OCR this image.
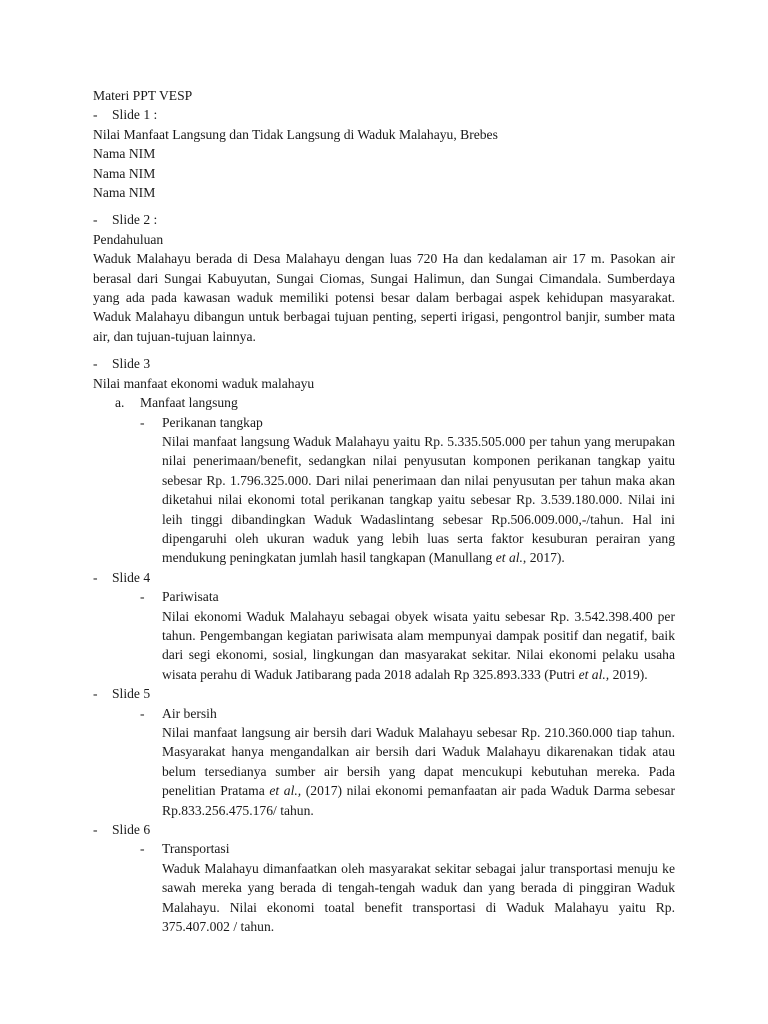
Materi PPT VESP
- Slide 1 :
Nilai Manfaat Langsung dan Tidak Langsung di Waduk Malahayu, Brebes
Nama NIM
Nama NIM
Nama NIM
- Slide 2 :
Pendahuluan
Waduk Malahayu berada di Desa Malahayu dengan luas 720 Ha dan kedalaman air 17 m. Pasokan air berasal dari Sungai Kabuyutan, Sungai Ciomas, Sungai Halimun, dan Sungai Cimandala. Sumberdaya yang ada pada kawasan waduk memiliki potensi besar dalam berbagai aspek kehidupan masyarakat. Waduk Malahayu dibangun untuk berbagai tujuan penting, seperti irigasi, pengontrol banjir, sumber mata air, dan tujuan-tujuan lainnya.
- Slide 3
Nilai manfaat ekonomi waduk malahayu
a. Manfaat langsung
- Perikanan tangkap
Nilai manfaat langsung Waduk Malahayu yaitu Rp. 5.335.505.000 per tahun yang merupakan nilai penerimaan/benefit, sedangkan nilai penyusutan komponen perikanan tangkap yaitu sebesar Rp. 1.796.325.000. Dari nilai penerimaan dan nilai penyusutan per tahun maka akan diketahui nilai ekonomi total perikanan tangkap yaitu sebesar Rp. 3.539.180.000. Nilai ini leih tinggi dibandingkan Waduk Wadaslintang sebesar Rp.506.009.000,-/tahun. Hal ini dipengaruhi oleh ukuran waduk yang lebih luas serta faktor kesuburan perairan yang mendukung peningkatan jumlah hasil tangkapan (Manullang et al., 2017).
- Slide 4
- Pariwisata
Nilai ekonomi Waduk Malahayu sebagai obyek wisata yaitu sebesar Rp. 3.542.398.400 per tahun. Pengembangan kegiatan pariwisata alam mempunyai dampak positif dan negatif, baik dari segi ekonomi, sosial, lingkungan dan masyarakat sekitar. Nilai ekonomi pelaku usaha wisata perahu di Waduk Jatibarang pada 2018 adalah Rp 325.893.333 (Putri et al., 2019).
- Slide 5
- Air bersih
Nilai manfaat langsung air bersih dari Waduk Malahayu sebesar Rp. 210.360.000 tiap tahun. Masyarakat hanya mengandalkan air bersih dari Waduk Malahayu dikarenakan tidak atau belum tersedianya sumber air bersih yang dapat mencukupi kebutuhan mereka. Pada penelitian Pratama et al., (2017) nilai ekonomi pemanfaatan air pada Waduk Darma sebesar Rp.833.256.475.176/ tahun.
- Slide 6
- Transportasi
Waduk Malahayu dimanfaatkan oleh masyarakat sekitar sebagai jalur transportasi menuju ke sawah mereka yang berada di tengah-tengah waduk dan yang berada di pinggiran Waduk Malahayu. Nilai ekonomi toatal benefit transportasi di Waduk Malahayu yaitu Rp. 375.407.002 / tahun.
